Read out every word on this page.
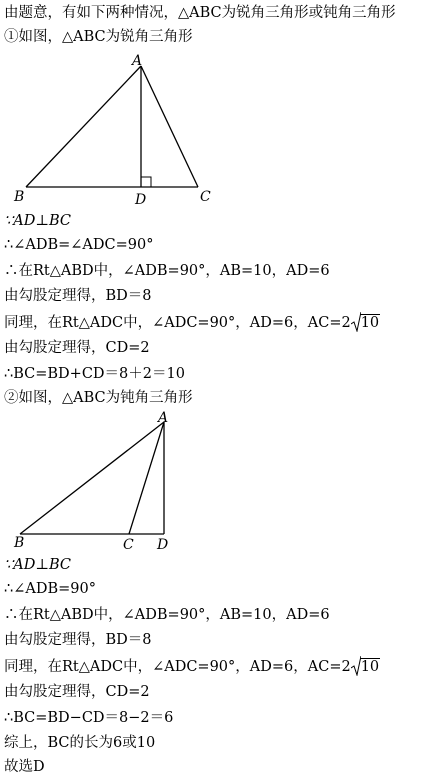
由题意，有如下两种情况，△ABC为锐角三角形或钝角三角形
①如图，△ABC为锐角三角形
A
B	C
D
∵AD⊥BC
∴∠ADB=∠ADC=90°
∴在Rt△ABD中，∠ADB=90°，AB=10，AD=6
由勾股定理得，BD＝8
同理，在Rt△ADC中，∠ADC=90°，AD=6，AC=2 10
由勾股定理得，CD=2
∴BC=BD+CD＝8＋2＝10
②如图，△ABC为钝角三角形
A
B	C D
∵AD⊥BC
∴∠ADB=90°
∴在Rt△ABD中，∠ADB=90°，AB=10，AD=6
由勾股定理得，BD＝8
同理，在Rt△ADC中，∠ADC=90°，AD=6，AC=2 10
由勾股定理得，CD=2
∴BC=BD−CD＝8−2＝6
综上，BC的长为6或10
故选D
